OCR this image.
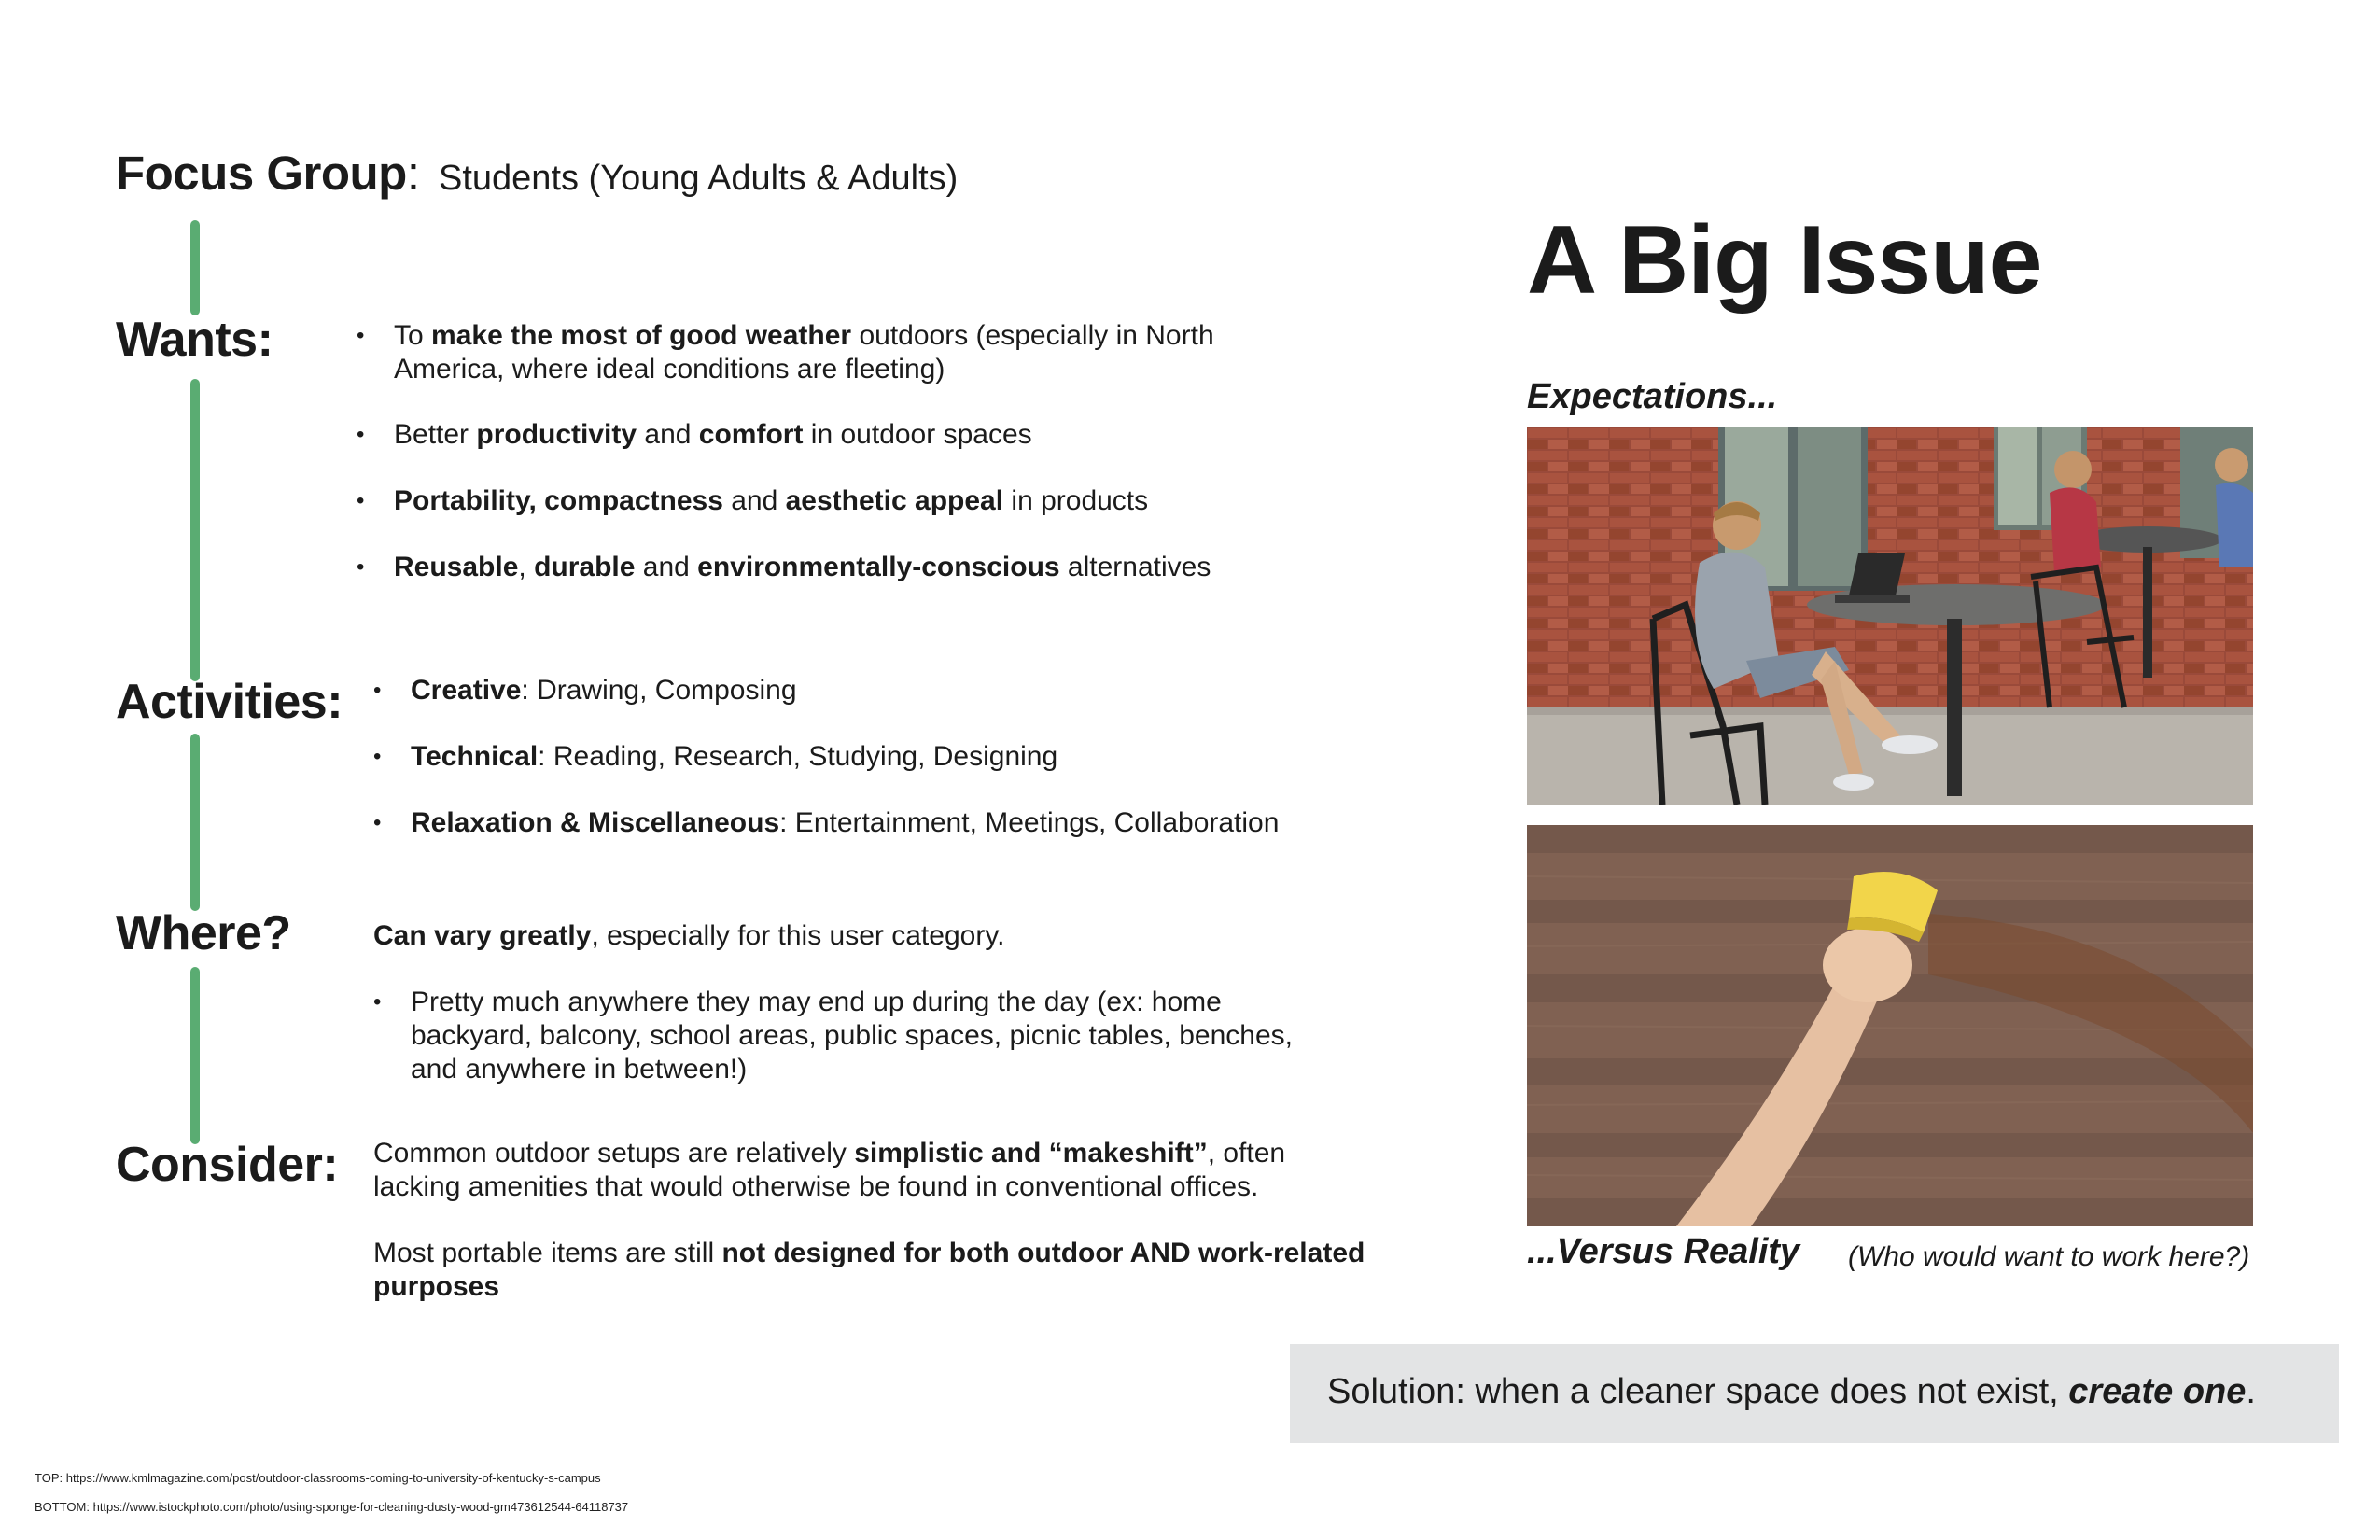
Focus Group: Students (Young Adults & Adults)
Wants:	• To make the most of good weather outdoors (especially in North America, where ideal conditions are fleeting)
• Better productivity and comfort in outdoor spaces
• Portability, compactness and aesthetic appeal in products
• Reusable, durable and environmentally-conscious alternatives
Activities:	• Creative: Drawing, Composing
• Technical: Reading, Research, Studying, Designing
• Relaxation & Miscellaneous: Entertainment, Meetings, Collaboration
Where?	Can vary greatly, especially for this user category.

• Pretty much anywhere they may end up during the day (ex: home backyard, balcony, school areas, public spaces, picnic tables, benches, and anywhere in between!)
Consider: Common outdoor setups are relatively simplistic and “makeshift”, often lacking amenities that would otherwise be found in conventional offices.

Most portable items are still not designed for both outdoor AND work-related purposes

A Big Issue
Expectations...
...Versus Reality (Who would want to work here?)
Solution: when a cleaner space does not exist, create one.
TOP: https://www.kmlmagazine.com/post/outdoor-classrooms-coming-to-university-of-kentucky-s-campus
BOTTOM: https://www.istockphoto.com/photo/using-sponge-for-cleaning-dusty-wood-gm473612544-64118737
